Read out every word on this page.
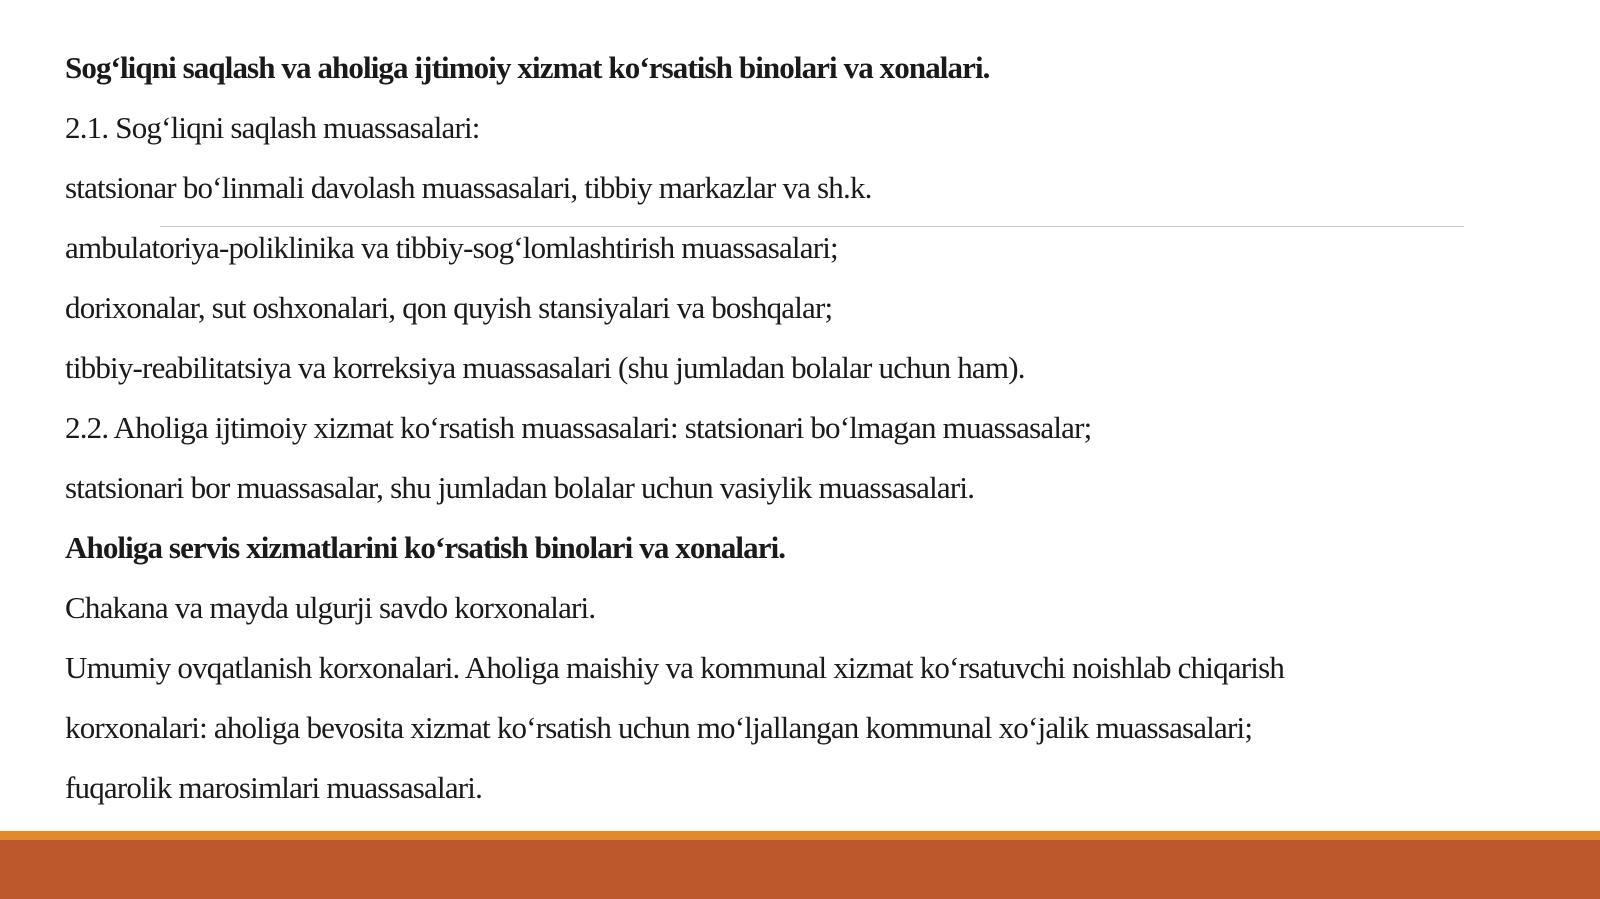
Sog‘liqni saqlash va aholiga ijtimoiy xizmat ko‘rsatish binolari va xonalari.
2.1. Sog‘liqni saqlash muassasalari:
statsionar bo‘linmali davolash muassasalari, tibbiy markazlar va sh.k.
ambulatoriya-poliklinika va tibbiy-sog‘lomlashtirish muassasalari;
dorixonalar, sut oshxonalari, qon quyish stansiyalari va boshqalar;
tibbiy-reabilitatsiya va korreksiya muassasalari (shu jumladan bolalar uchun ham).
2.2. Aholiga ijtimoiy xizmat ko‘rsatish muassasalari: statsionari bo‘lmagan muassasalar;
statsionari bor muassasalar, shu jumladan bolalar uchun vasiylik muassasalari.
Aholiga servis xizmatlarini ko‘rsatish binolari va xonalari.
Chakana va mayda ulgurji savdo korxonalari.
Umumiy ovqatlanish korxonalari. Aholiga maishiy va kommunal xizmat ko‘rsatuvchi noishlab chiqarish
korxonalari: aholiga bevosita xizmat ko‘rsatish uchun mo‘ljallangan kommunal xo‘jalik muassasalari;
fuqarolik marosimlari muassasalari.
